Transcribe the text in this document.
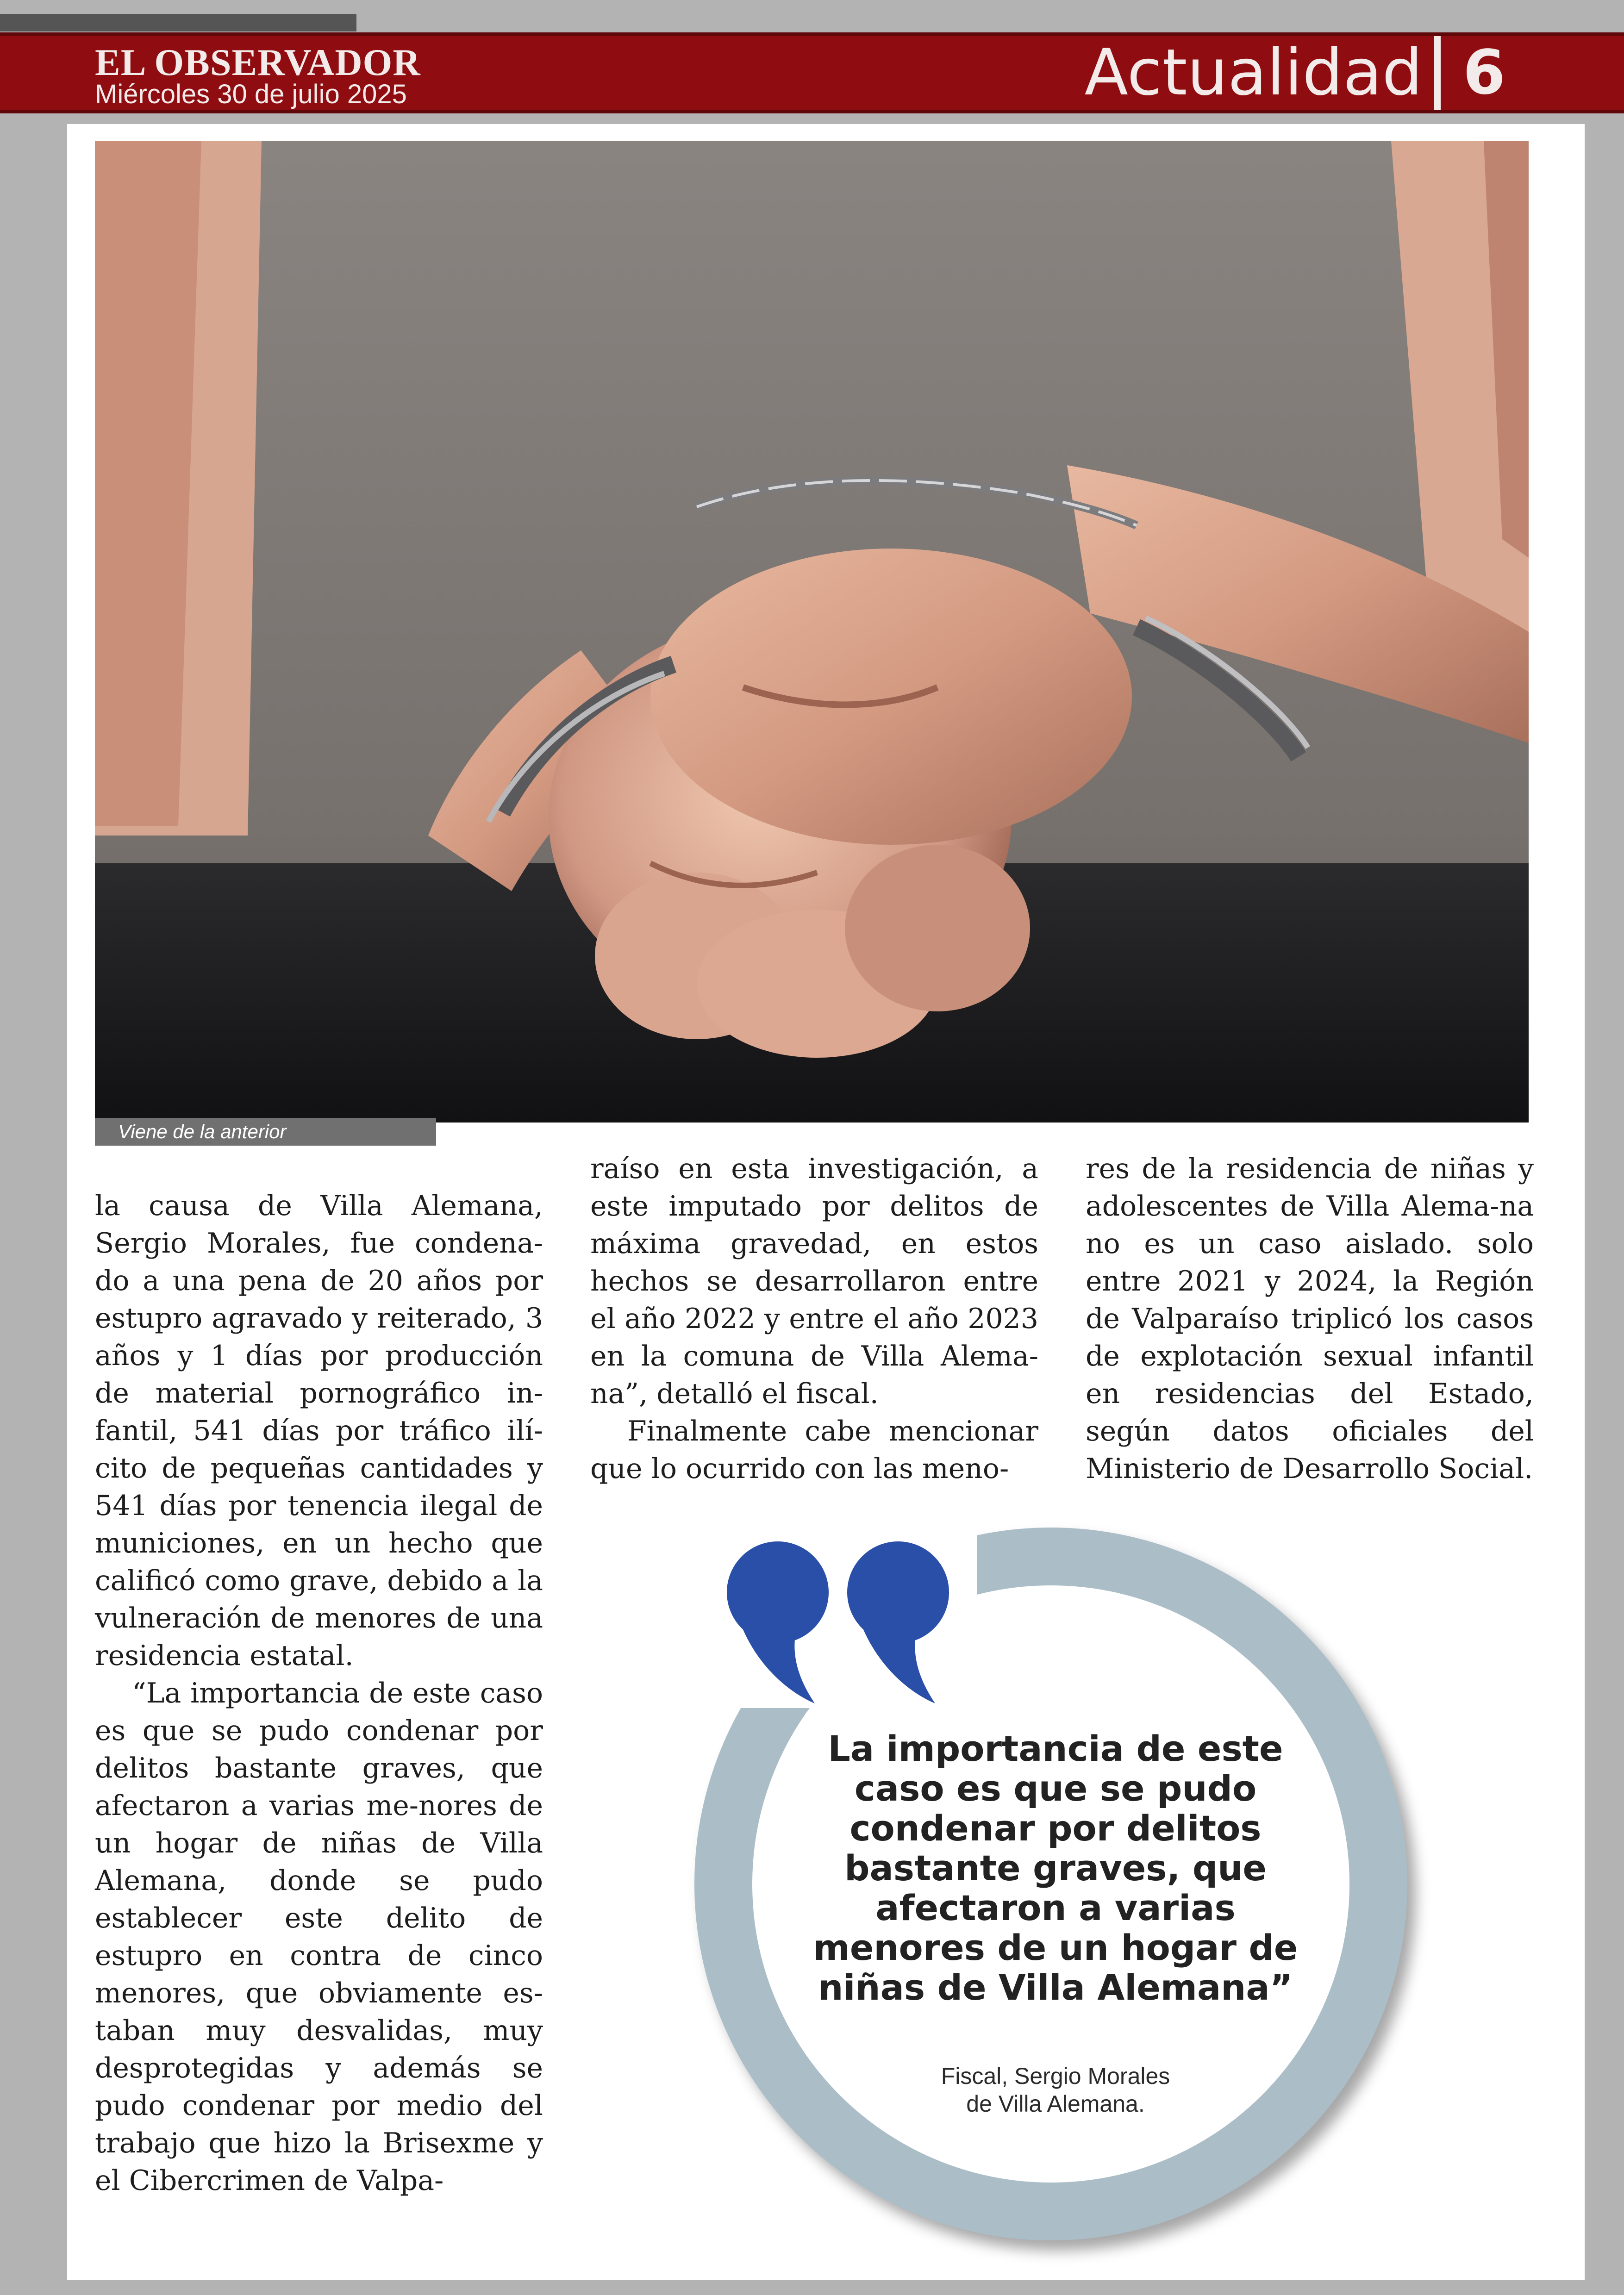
EL OBSERVADOR
Miércoles 30 de julio 2025	Actualidad 6
Viene de la anterior

la causa de Villa Alemana, Sergio Morales, fue condena-do a una pena de 20 años por estupro agravado y reiterado, 3 años y 1 días por producción de material pornográfico in-fantil, 541 días por tráfico ilí-cito de pequeñas cantidades y 541 días por tenencia ilegal de municiones, en un hecho que calificó como grave, debido a la vulneración de menores de una residencia estatal.

“La importancia de este caso es que se pudo condenar por delitos bastante graves, que afectaron a varias me-nores de un hogar de niñas de Villa Alemana, donde se pudo establecer este delito de estupro en contra de cinco menores, que obviamente es-taban muy desvalidas, muy desprotegidas y además se pudo condenar por medio del trabajo que hizo la Brisexme y el Cibercrimen de Valpa-

raíso en esta investigación, a este imputado por delitos de máxima gravedad, en estos hechos se desarrollaron entre el año 2022 y entre el año 2023 en la comuna de Villa Alema-na”, detalló el fiscal.

Finalmente cabe mencionar que lo ocurrido con las meno-

res de la residencia de niñas y adolescentes de Villa Alema-na no es un caso aislado. solo entre 2021 y 2024, la Región de Valparaíso triplicó los casos de explotación sexual infantil en residencias del Estado, según datos oficiales del Ministerio de Desarrollo Social.

La importancia de este caso es que se pudo condenar por delitos bastante graves, que afectaron a varias menores de un hogar de niñas de Villa Alemana”
Fiscal, Sergio Morales
de Villa Alemana.
